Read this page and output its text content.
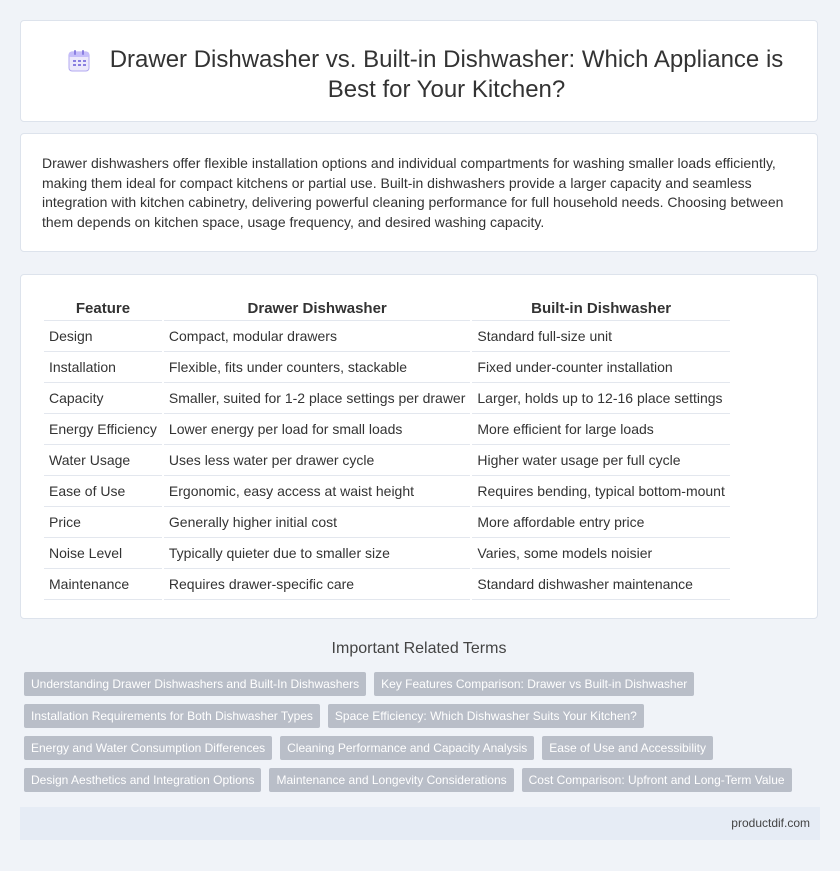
Drawer Dishwasher vs. Built-in Dishwasher: Which Appliance is Best for Your Kitchen?

Drawer dishwashers offer flexible installation options and individual compartments for washing smaller loads efficiently, making them ideal for compact kitchens or partial use. Built-in dishwashers provide a larger capacity and seamless integration with kitchen cabinetry, delivering powerful cleaning performance for full household needs. Choosing between them depends on kitchen space, usage frequency, and desired washing capacity.

Feature	Drawer Dishwasher	Built-in Dishwasher
Design	Compact, modular drawers	Standard full-size unit
Installation	Flexible, fits under counters, stackable	Fixed under-counter installation
Capacity	Smaller, suited for 1-2 place settings per drawer	Larger, holds up to 12-16 place settings
Energy Efficiency	Lower energy per load for small loads	More efficient for large loads
Water Usage	Uses less water per drawer cycle	Higher water usage per full cycle
Ease of Use	Ergonomic, easy access at waist height	Requires bending, typical bottom-mount
Price	Generally higher initial cost	More affordable entry price
Noise Level	Typically quieter due to smaller size	Varies, some models noisier
Maintenance	Requires drawer-specific care	Standard dishwasher maintenance
Important Related Terms
Understanding Drawer Dishwashers and Built-In Dishwashers	Key Features Comparison: Drawer vs Built-in Dishwasher
Installation Requirements for Both Dishwasher Types	Space Efficiency: Which Dishwasher Suits Your Kitchen?
Energy and Water Consumption Differences	Cleaning Performance and Capacity Analysis	Ease of Use and Accessibility
Design Aesthetics and Integration Options	Maintenance and Longevity Considerations	Cost Comparison: Upfront and Long-Term Value
productdif.com
